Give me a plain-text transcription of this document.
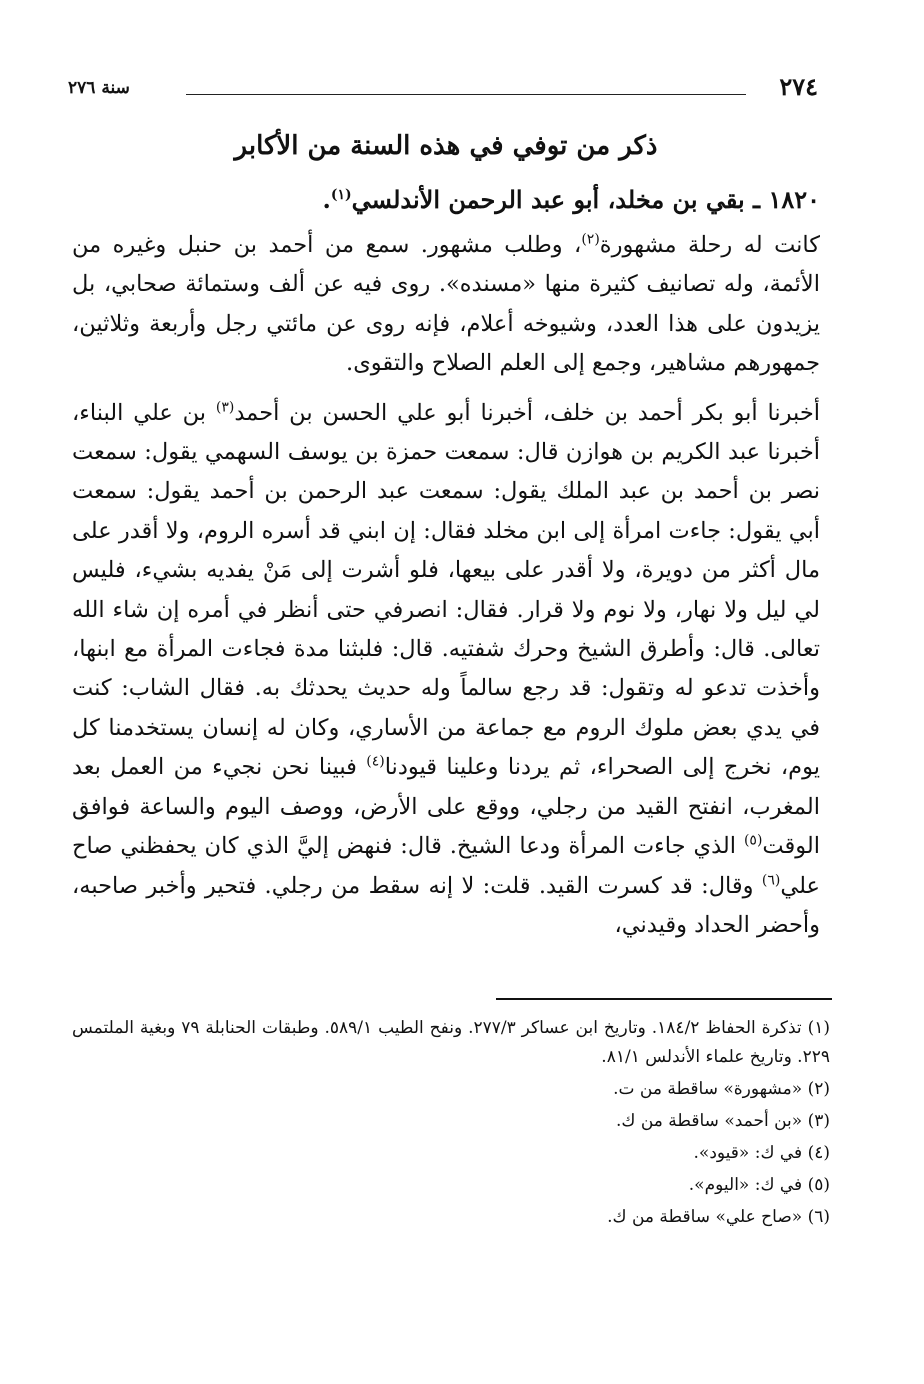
٢٧٤
سنة ٢٧٦
ذكر من توفي في هذه السنة من الأكابر
١٨٢٠ ـ بقي بن مخلد، أبو عبد الرحمن الأندلسي$^{(١)}$.

كانت له رحلة مشهورة$^{(٢)}$، وطلب مشهور. سمع من أحمد بن حنبل وغيره من الأئمة، وله تصانيف كثيرة منها «مسنده». روى فيه عن ألف وستمائة صحابي، بل يزيدون على هذا العدد، وشيوخه أعلام، فإنه روى عن مائتي رجل وأربعة وثلاثين، جمهورهم مشاهير، وجمع إلى العلم الصلاح والتقوى.

أخبرنا أبو بكر أحمد بن خلف، أخبرنا أبو علي الحسن بن أحمد$^{(٣)}$ بن علي البناء، أخبرنا عبد الكريم بن هوازن قال: سمعت حمزة بن يوسف السهمي يقول: سمعت نصر بن أحمد بن عبد الملك يقول: سمعت عبد الرحمن بن أحمد يقول: سمعت أبي يقول: جاءت امرأة إلى ابن مخلد فقال: إن ابني قد أسره الروم، ولا أقدر على مال أكثر من دويرة، ولا أقدر على بيعها، فلو أشرت إلى مَنْ يفديه بشيء، فليس لي ليل ولا نهار، ولا نوم ولا قرار. فقال: انصرفي حتى أنظر في أمره إن شاء الله تعالى. قال: وأطرق الشيخ وحرك شفتيه. قال: فلبثنا مدة فجاءت المرأة مع ابنها، وأخذت تدعو له وتقول: قد رجع سالماً وله حديث يحدثك به. فقال الشاب: كنت في يدي بعض ملوك الروم مع جماعة من الأساري، وكان له إنسان يستخدمنا كل يوم، نخرج إلى الصحراء، ثم يردنا وعلينا قيودنا$^{(٤)}$ فبينا نحن نجيء من العمل بعد المغرب، انفتح القيد من رجلي، ووقع على الأرض، ووصف اليوم والساعة فوافق الوقت$^{(٥)}$ الذي جاءت المرأة ودعا الشيخ. قال: فنهض إليَّ الذي كان يحفظني صاح علي$^{(٦)}$ وقال: قد كسرت القيد. قلت: لا إنه سقط من رجلي. فتحير وأخبر صاحبه، وأحضر الحداد وقيدني،

(١) تذكرة الحفاظ ١٨٤/٢. وتاريخ ابن عساكر ٢٧٧/٣. ونفح الطيب ٥٨٩/١. وطبقات الحنابلة ٧٩ وبغية الملتمس ٢٢٩. وتاريخ علماء الأندلس ٨١/١.

(٢) «مشهورة» ساقطة من ت.

(٣) «بن أحمد» ساقطة من ك.

(٤) في ك: «قيود».

(٥) في ك: «اليوم».

(٦) «صاح علي» ساقطة من ك.
